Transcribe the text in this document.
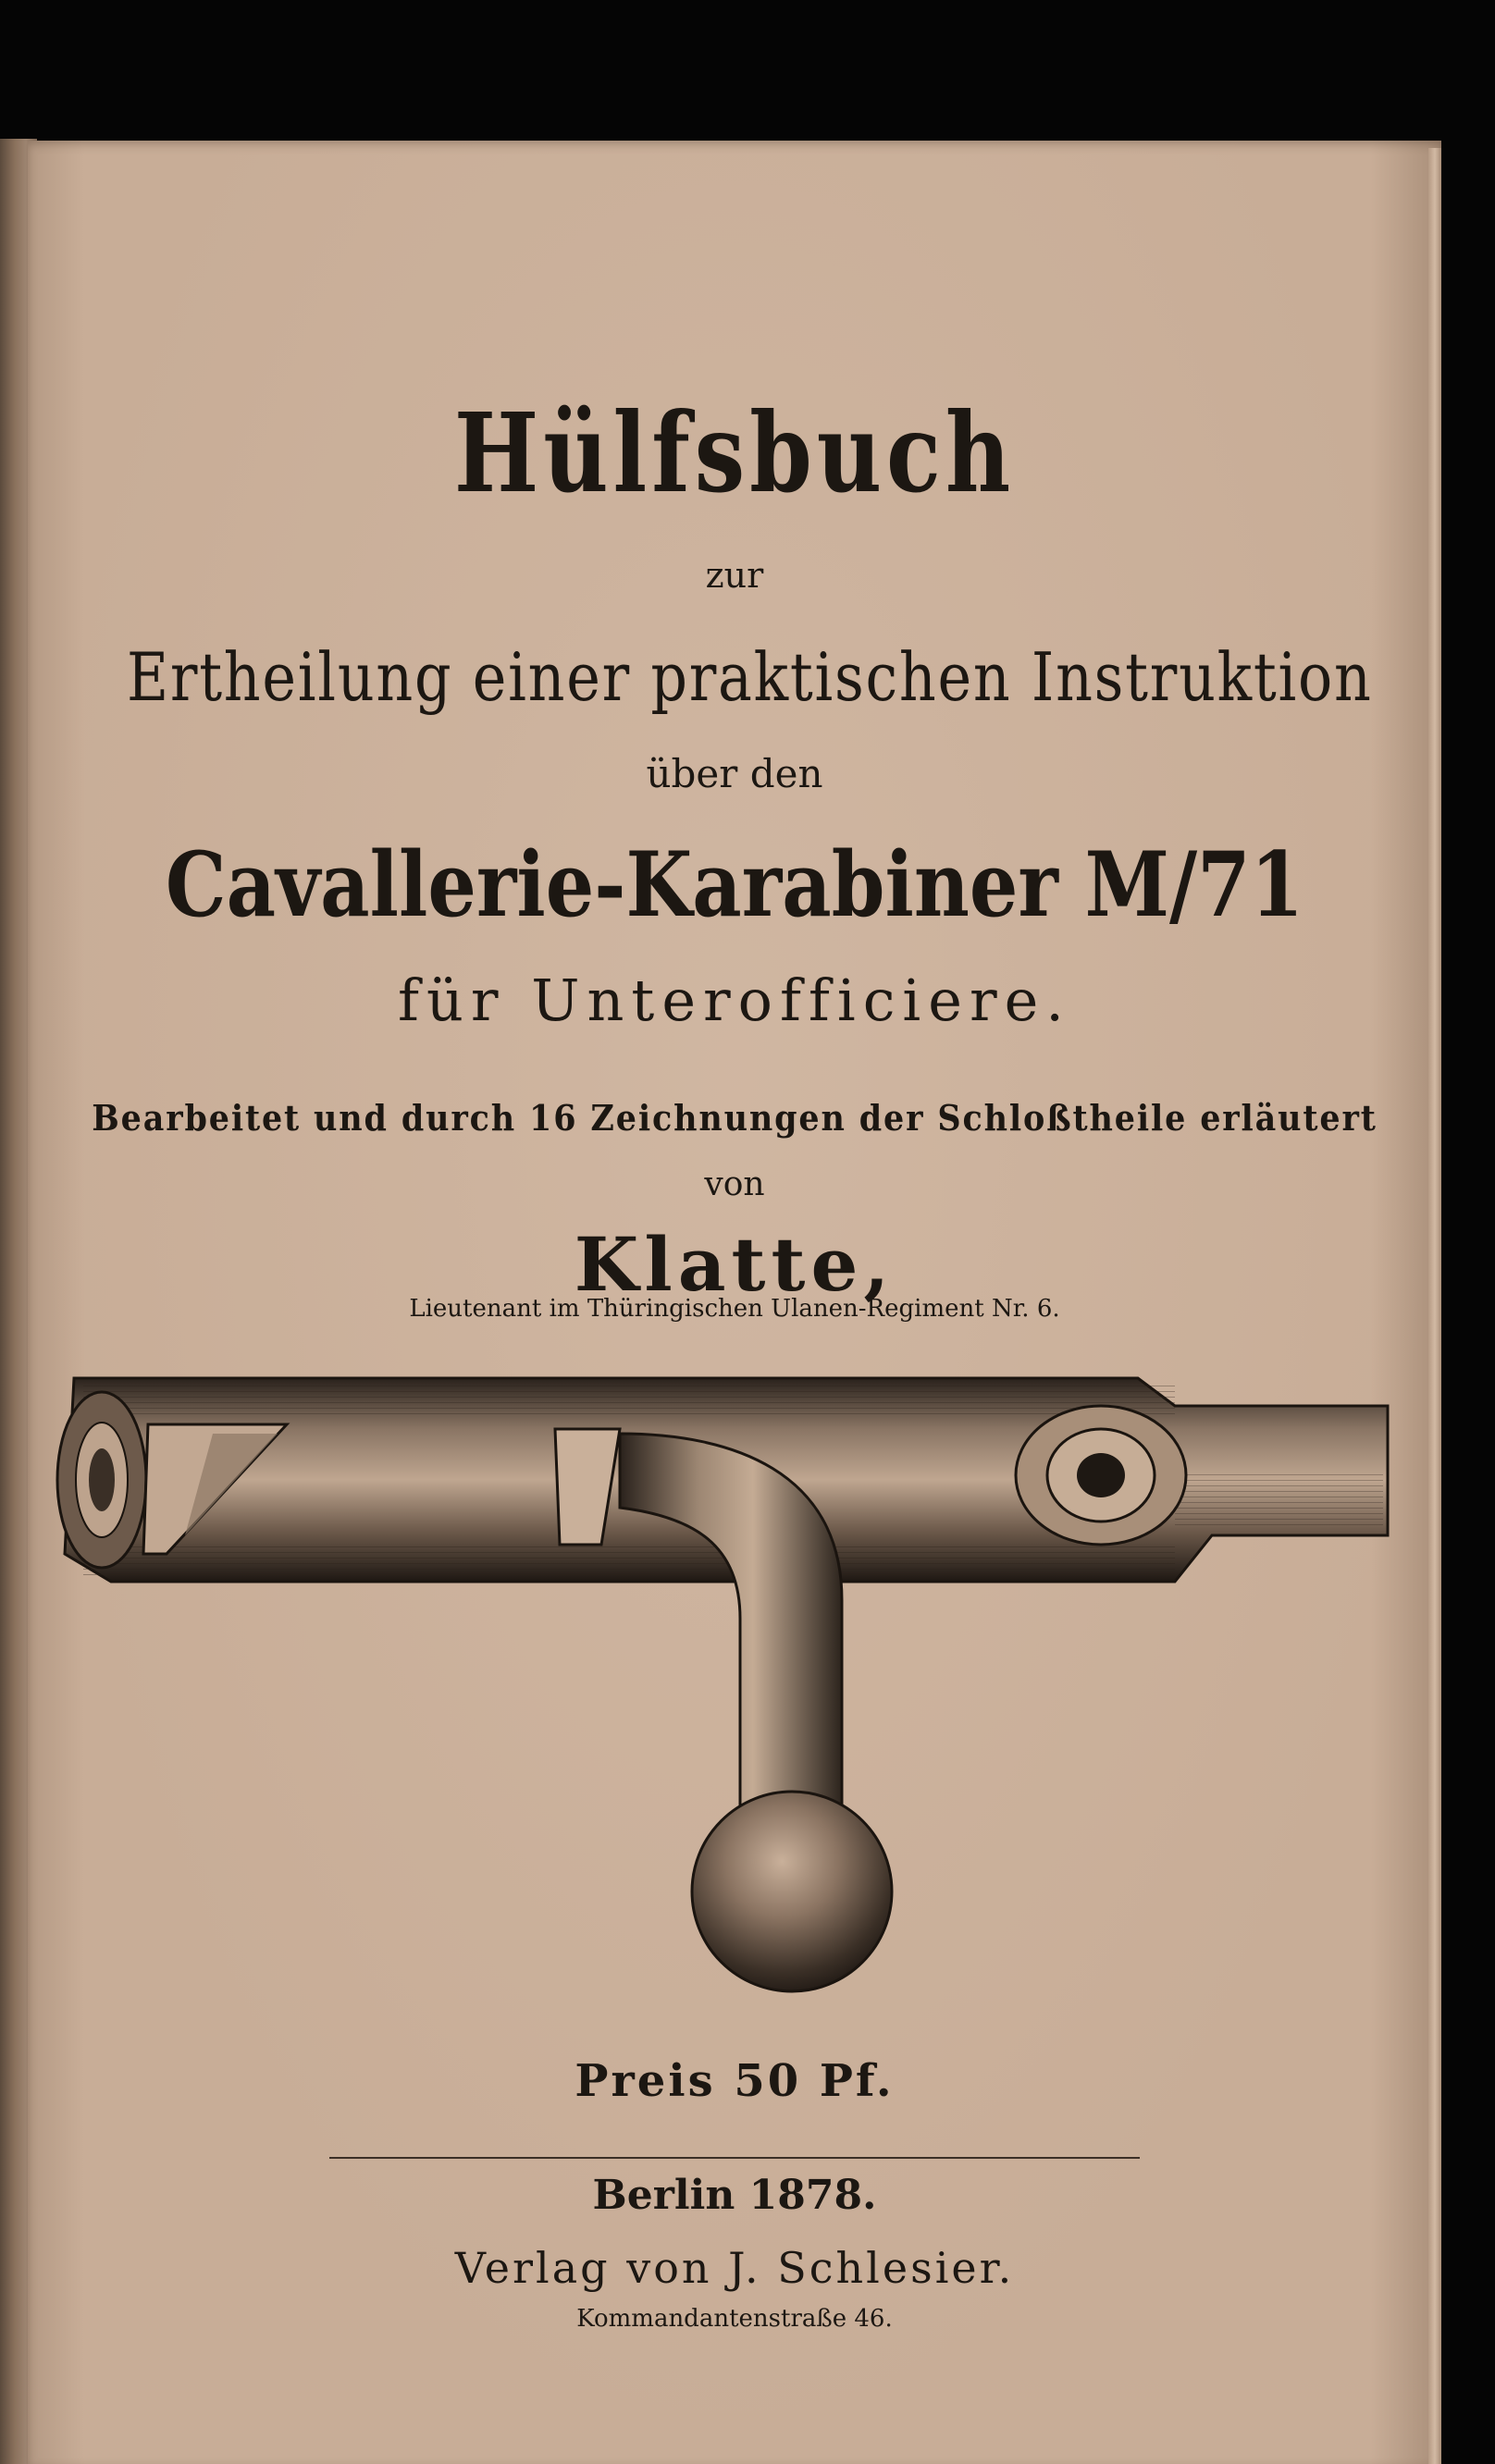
Hülfsbuch
zur
Ertheilung einer praktischen Instruktion
über den
Cavallerie-Karabiner M/71
für Unterofficiere.
Bearbeitet und durch 16 Zeichnungen der Schloßtheile erläutert
von
Klatte,
Lieutenant im Thüringischen Ulanen-Regiment Nr. 6.
Preis 50 Pf.
Berlin 1878.
Verlag von J. Schlesier.
Kommandantenstraße 46.
